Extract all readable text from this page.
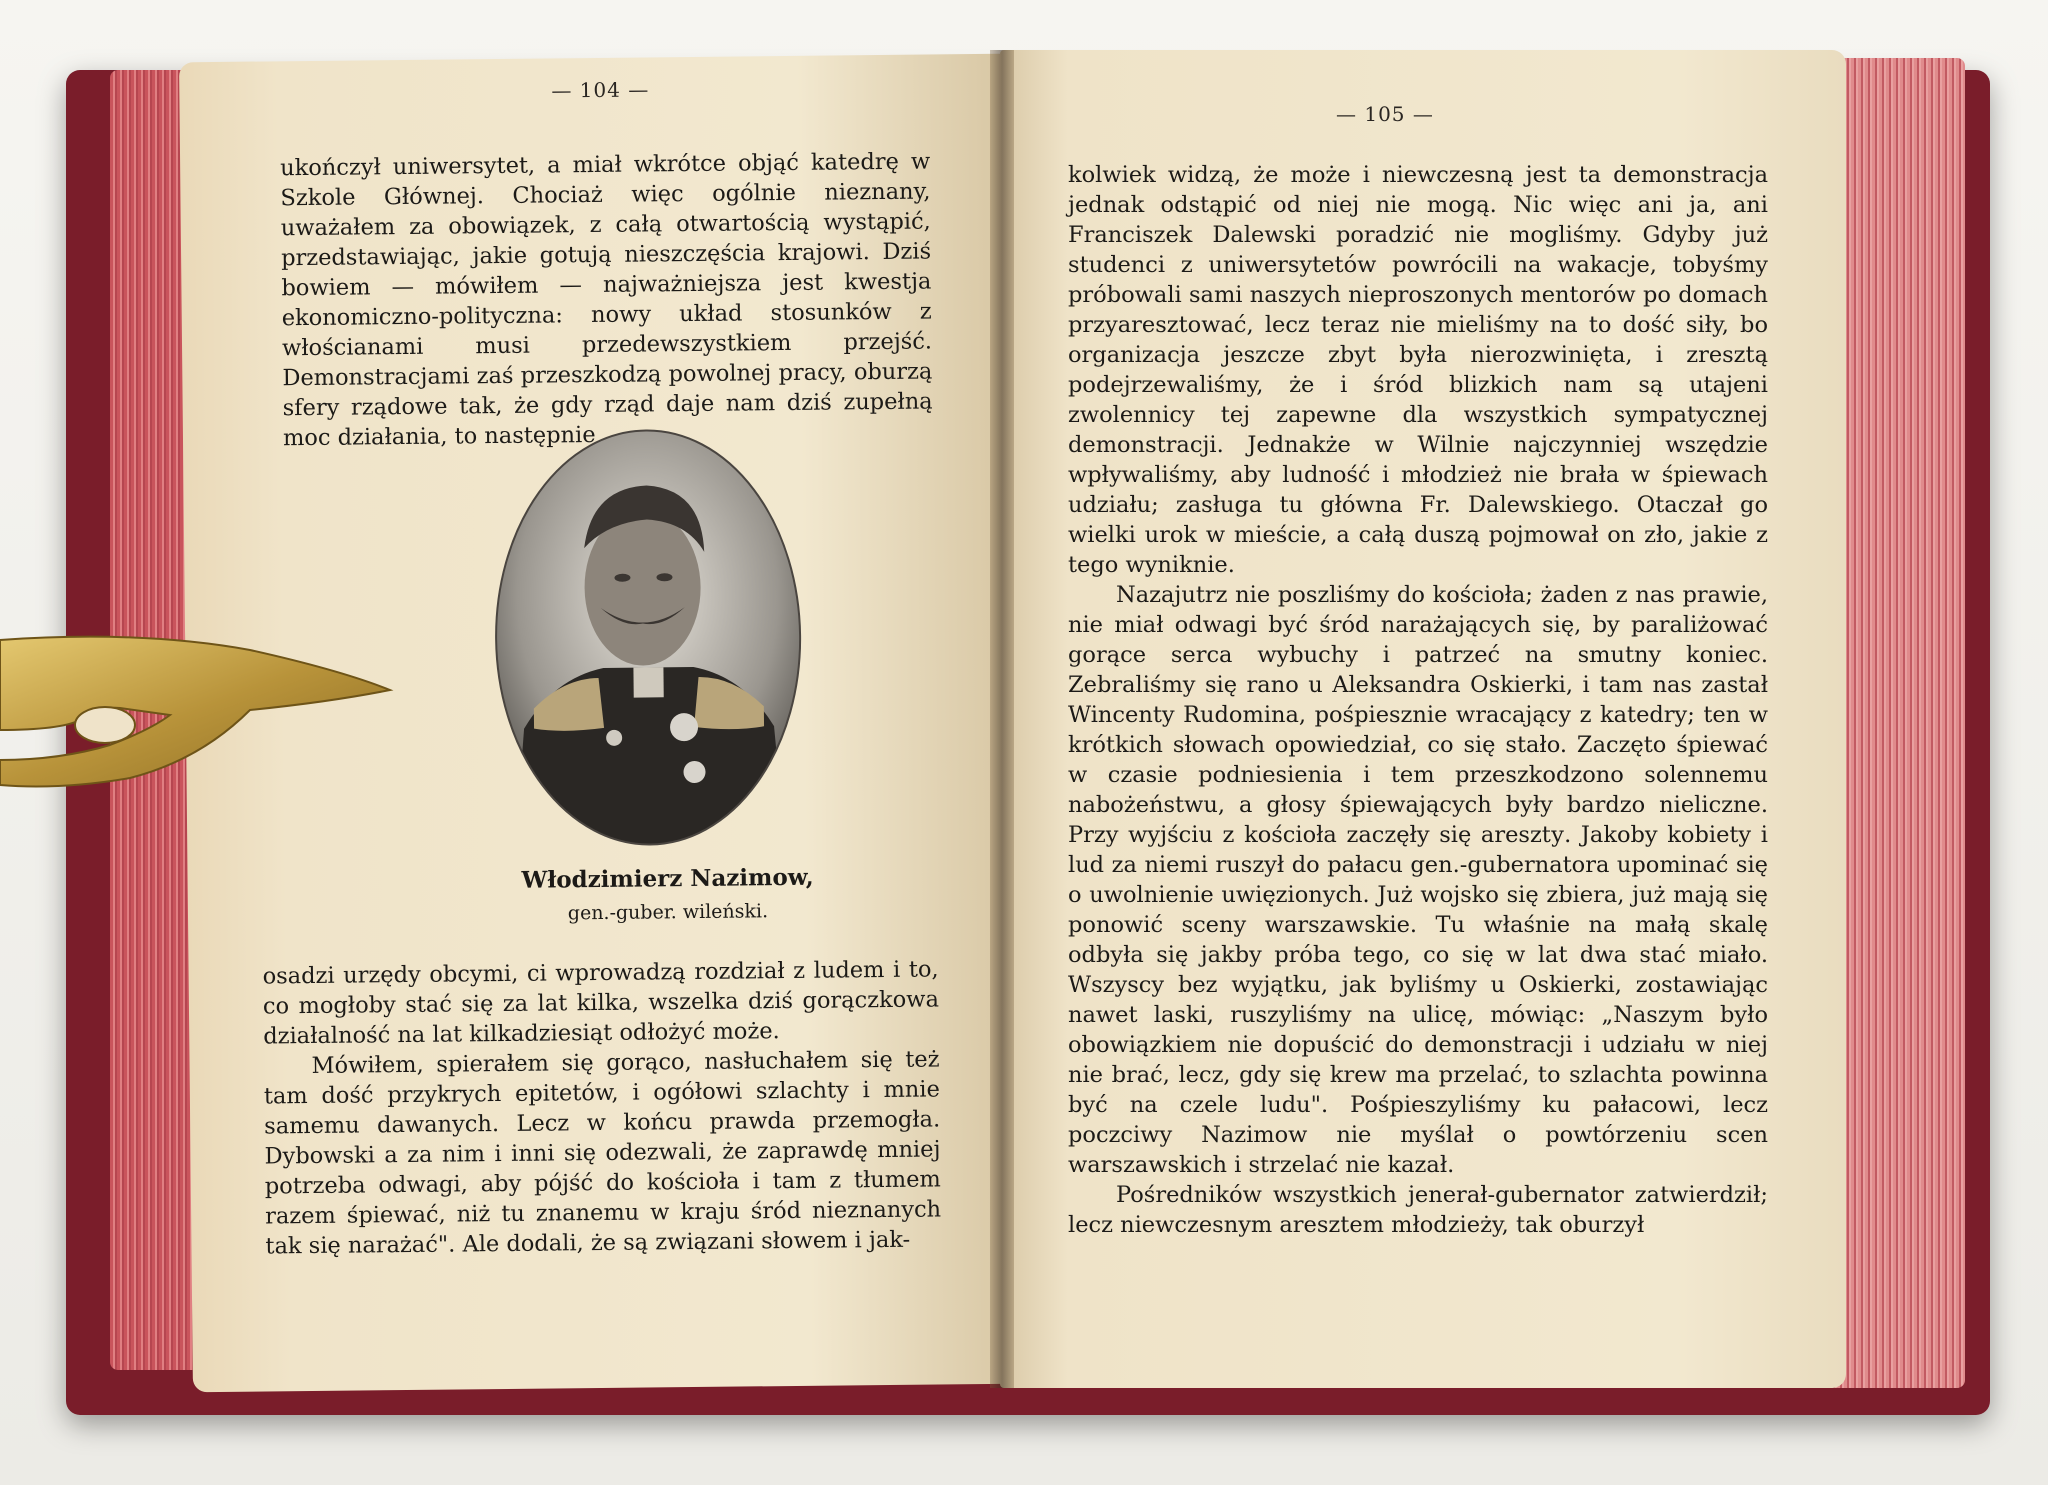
— 104 —

ukończył uniwersytet, a miał wkrótce objąć katedrę w Szkole Głównej. Chociaż więc ogólnie nieznany, uważałem za obowiązek, z całą otwartością wystąpić, przedstawiając, jakie gotują nieszczęścia krajowi. Dziś bowiem — mówiłem — najważniejsza jest kwestja ekonomiczno-polityczna: nowy układ stosunków z włościanami musi przedewszystkiem przejść. Demonstracjami zaś przeszkodzą powolnej pracy, oburzą sfery rządowe tak, że gdy rząd daje nam dziś zupełną moc działania, to następnie

Włodzimierz Nazimow,
gen.-guber. wileński.

osadzi urzędy obcymi, ci wprowadzą rozdział z ludem i to, co mogłoby stać się za lat kilka, wszelka dziś gorączkowa działalność na lat kilkadziesiąt odłożyć może.

Mówiłem, spierałem się gorąco, nasłuchałem się też tam dość przykrych epitetów, i ogółowi szlachty i mnie samemu dawanych. Lecz w końcu prawda przemogła. Dybowski a za nim i inni się odezwali, że zaprawdę mniej potrzeba odwagi, aby pójść do kościoła i tam z tłumem razem śpiewać, niż tu znanemu w kraju śród nieznanych tak się narażać". Ale dodali, że są związani słowem i jak-

— 105 —

kolwiek widzą, że może i niewczesną jest ta demonstracja jednak odstąpić od niej nie mogą. Nic więc ani ja, ani Franciszek Dalewski poradzić nie mogliśmy. Gdyby już studenci z uniwersytetów powrócili na wakacje, tobyśmy próbowali sami naszych nieproszonych mentorów po domach przyaresztować, lecz teraz nie mieliśmy na to dość siły, bo organizacja jeszcze zbyt była nierozwinięta, i zresztą podejrzewaliśmy, że i śród blizkich nam są utajeni zwolennicy tej zapewne dla wszystkich sympatycznej demonstracji. Jednakże w Wilnie najczynniej wszędzie wpływaliśmy, aby ludność i młodzież nie brała w śpiewach udziału; zasługa tu główna Fr. Dalewskiego. Otaczał go wielki urok w mieście, a całą duszą pojmował on zło, jakie z tego wyniknie.

Nazajutrz nie poszliśmy do kościoła; żaden z nas prawie, nie miał odwagi być śród narażających się, by paraliżować gorące serca wybuchy i patrzeć na smutny koniec. Zebraliśmy się rano u Aleksandra Oskierki, i tam nas zastał Wincenty Rudomina, pośpiesznie wracający z katedry; ten w krótkich słowach opowiedział, co się stało. Zaczęto śpiewać w czasie podniesienia i tem przeszkodzono solennemu nabożeństwu, a głosy śpiewających były bardzo nieliczne. Przy wyjściu z kościoła zaczęły się aresztу. Jakoby kobiety i lud za niemi ruszył do pałacu gen.-gubernatora upominać się o uwolnienie uwięzionych. Już wojsko się zbiera, już mają się ponowić sceny warszawskie. Tu właśnie na małą skalę odbyła się jakby próba tego, co się w lat dwa stać miało. Wszyscy bez wyjątku, jak byliśmy u Oskierki, zostawiając nawet laski, ruszyliśmy na ulicę, mówiąc: „Naszym było obowiązkiem nie dopuścić do demonstracji i udziału w niej nie brać, lecz, gdy się krew ma przelać, to szlachta powinna być na czele ludu". Pośpieszyliśmy ku pałacowi, lecz poczciwy Nazimow nie myślał o powtórzeniu scen warszawskich i strzelać nie kazał.

Pośredników wszystkich jenerał-gubernator zatwierdził; lecz niewczesnym aresztem młodzieży, tak oburzył
